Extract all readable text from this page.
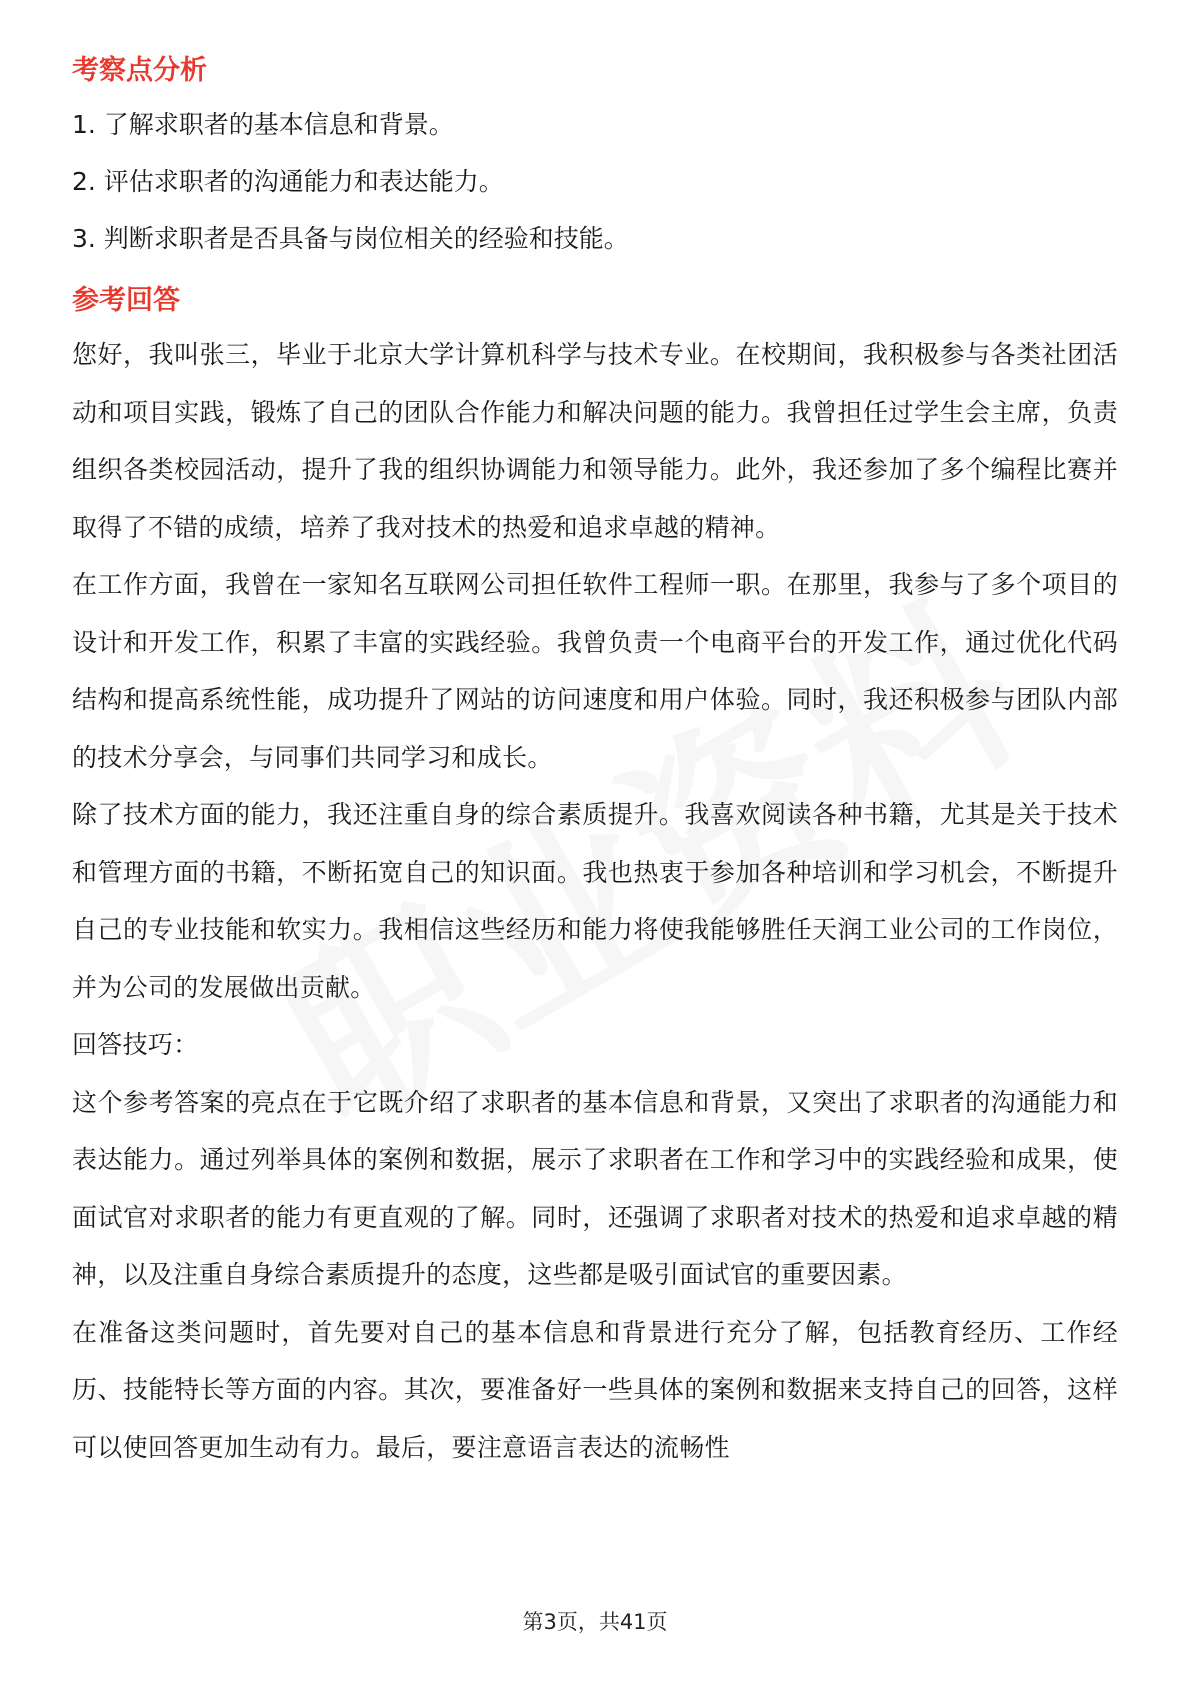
考察点分析
1. 了解求职者的基本信息和背景。
2. 评估求职者的沟通能力和表达能力。
3. 判断求职者是否具备与岗位相关的经验和技能。
参考回答

您好，我叫张三，毕业于北京大学计算机科学与技术专业。在校期间，我积极参与各类社团活动和项目实践，锻炼了自己的团队合作能力和解决问题的能力。我曾担任过学生会主席，负责组织各类校园活动，提升了我的组织协调能力和领导能力。此外，我还参加了多个编程比赛并取得了不错的成绩，培养了我对技术的热爱和追求卓越的精神。

在工作方面，我曾在一家知名互联网公司担任软件工程师一职。在那里，我参与了多个项目的设计和开发工作，积累了丰富的实践经验。我曾负责一个电商平台的开发工作，通过优化代码结构和提高系统性能，成功提升了网站的访问速度和用户体验。同时，我还积极参与团队内部的技术分享会，与同事们共同学习和成长。

除了技术方面的能力，我还注重自身的综合素质提升。我喜欢阅读各种书籍，尤其是关于技术和管理方面的书籍，不断拓宽自己的知识面。我也热衷于参加各种培训和学习机会，不断提升自己的专业技能和软实力。我相信这些经历和能力将使我能够胜任天润工业公司的工作岗位，并为公司的发展做出贡献。

回答技巧：

这个参考答案的亮点在于它既介绍了求职者的基本信息和背景，又突出了求职者的沟通能力和表达能力。通过列举具体的案例和数据，展示了求职者在工作和学习中的实践经验和成果，使面试官对求职者的能力有更直观的了解。同时，还强调了求职者对技术的热爱和追求卓越的精神，以及注重自身综合素质提升的态度，这些都是吸引面试官的重要因素。

在准备这类问题时，首先要对自己的基本信息和背景进行充分了解，包括教育经历、工作经历、技能特长等方面的内容。其次，要准备好一些具体的案例和数据来支持自己的回答，这样可以使回答更加生动有力。最后，要注意语言表达的流畅性

第3页，共41页
